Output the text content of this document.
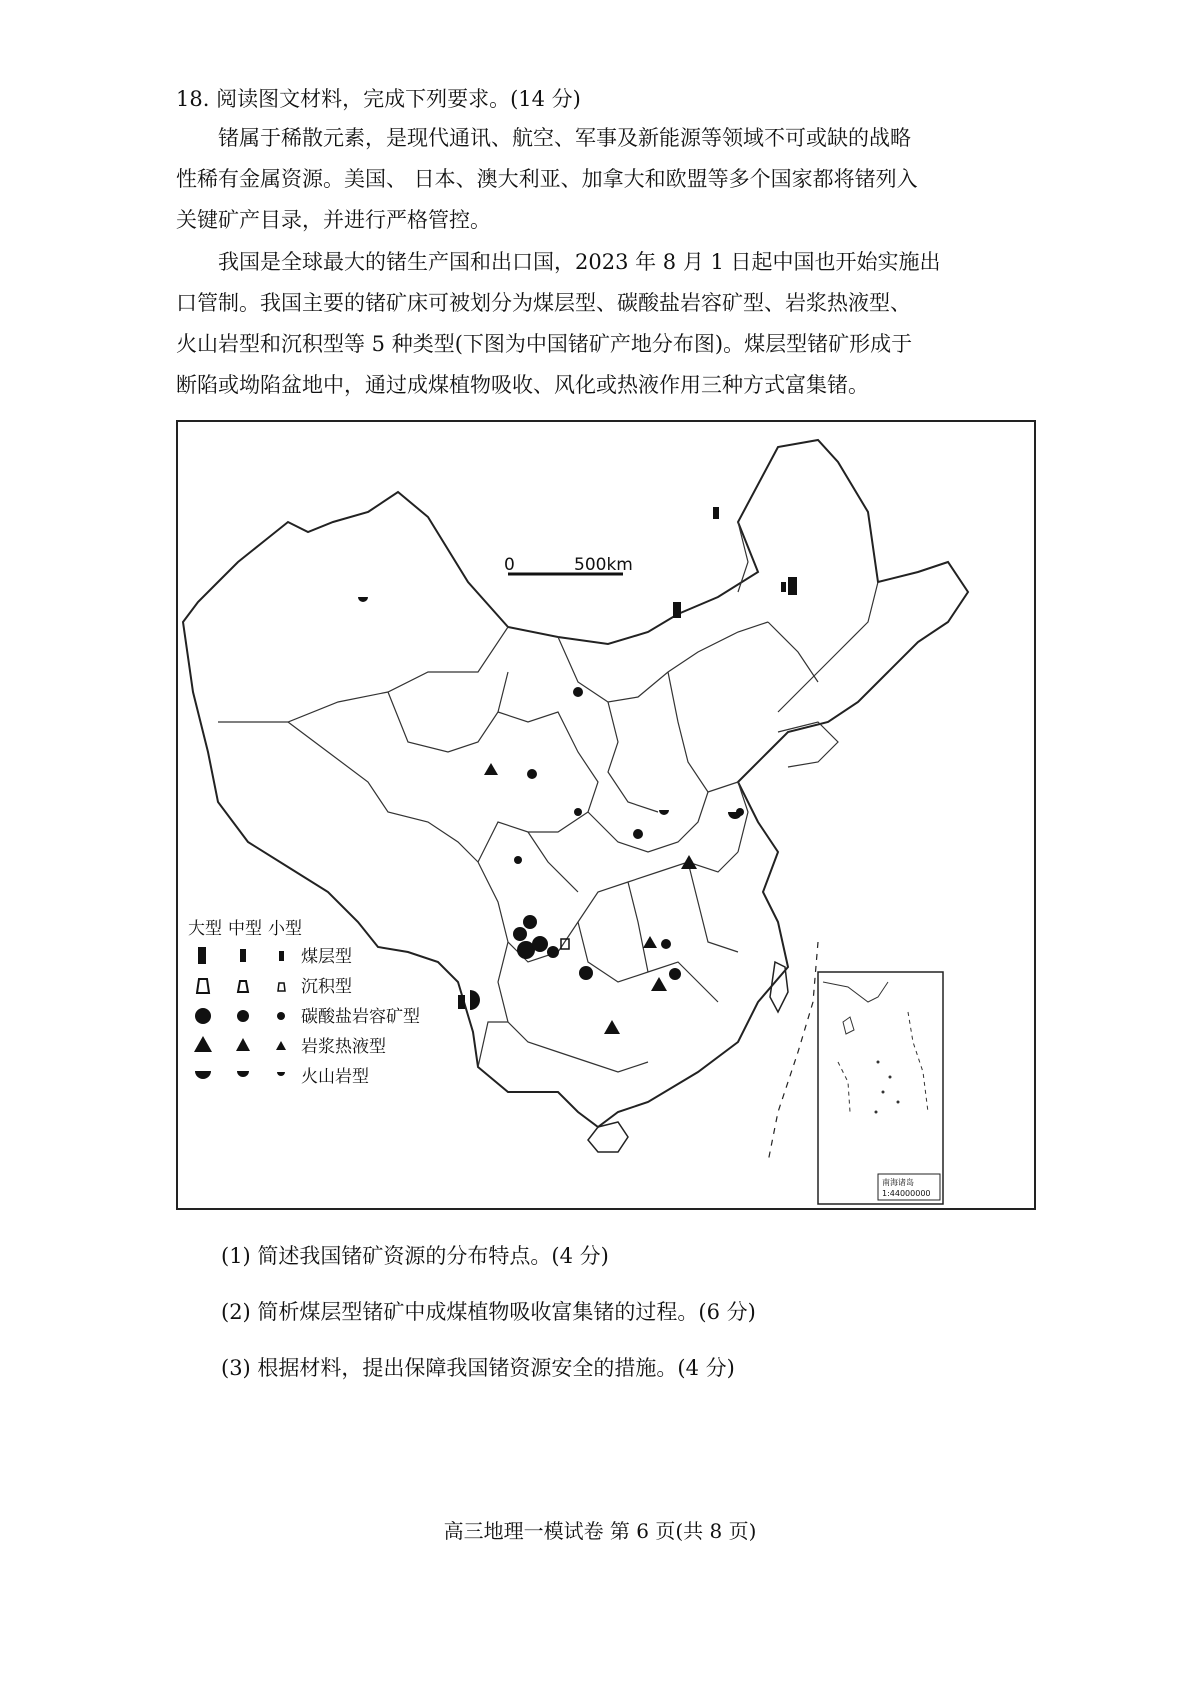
18. 阅读图文材料，完成下列要求。(14 分)
锗属于稀散元素，是现代通讯、航空、军事及新能源等领域不可或缺的战略
性稀有金属资源。美国、 日本、澳大利亚、加拿大和欧盟等多个国家都将锗列入
关键矿产目录，并进行严格管控。
我国是全球最大的锗生产国和出口国，2023 年 8 月 1 日起中国也开始实施出
口管制。我国主要的锗矿床可被划分为煤层型、碳酸盐岩容矿型、岩浆热液型、
火山岩型和沉积型等 5 种类型(下图为中国锗矿产地分布图)。煤层型锗矿形成于
断陷或坳陷盆地中，通过成煤植物吸收、风化或热液作用三种方式富集锗。
0	500km
大型 中型 小型
煤层型
沉积型
碳酸盐岩容矿型
岩浆热液型
火山岩型
南海诸岛
1:44000000
(1) 简述我国锗矿资源的分布特点。(4 分)
(2) 简析煤层型锗矿中成煤植物吸收富集锗的过程。(6 分)
(3) 根据材料，提出保障我国锗资源安全的措施。(4 分)
高三地理一模试卷 第 6 页(共 8 页)
